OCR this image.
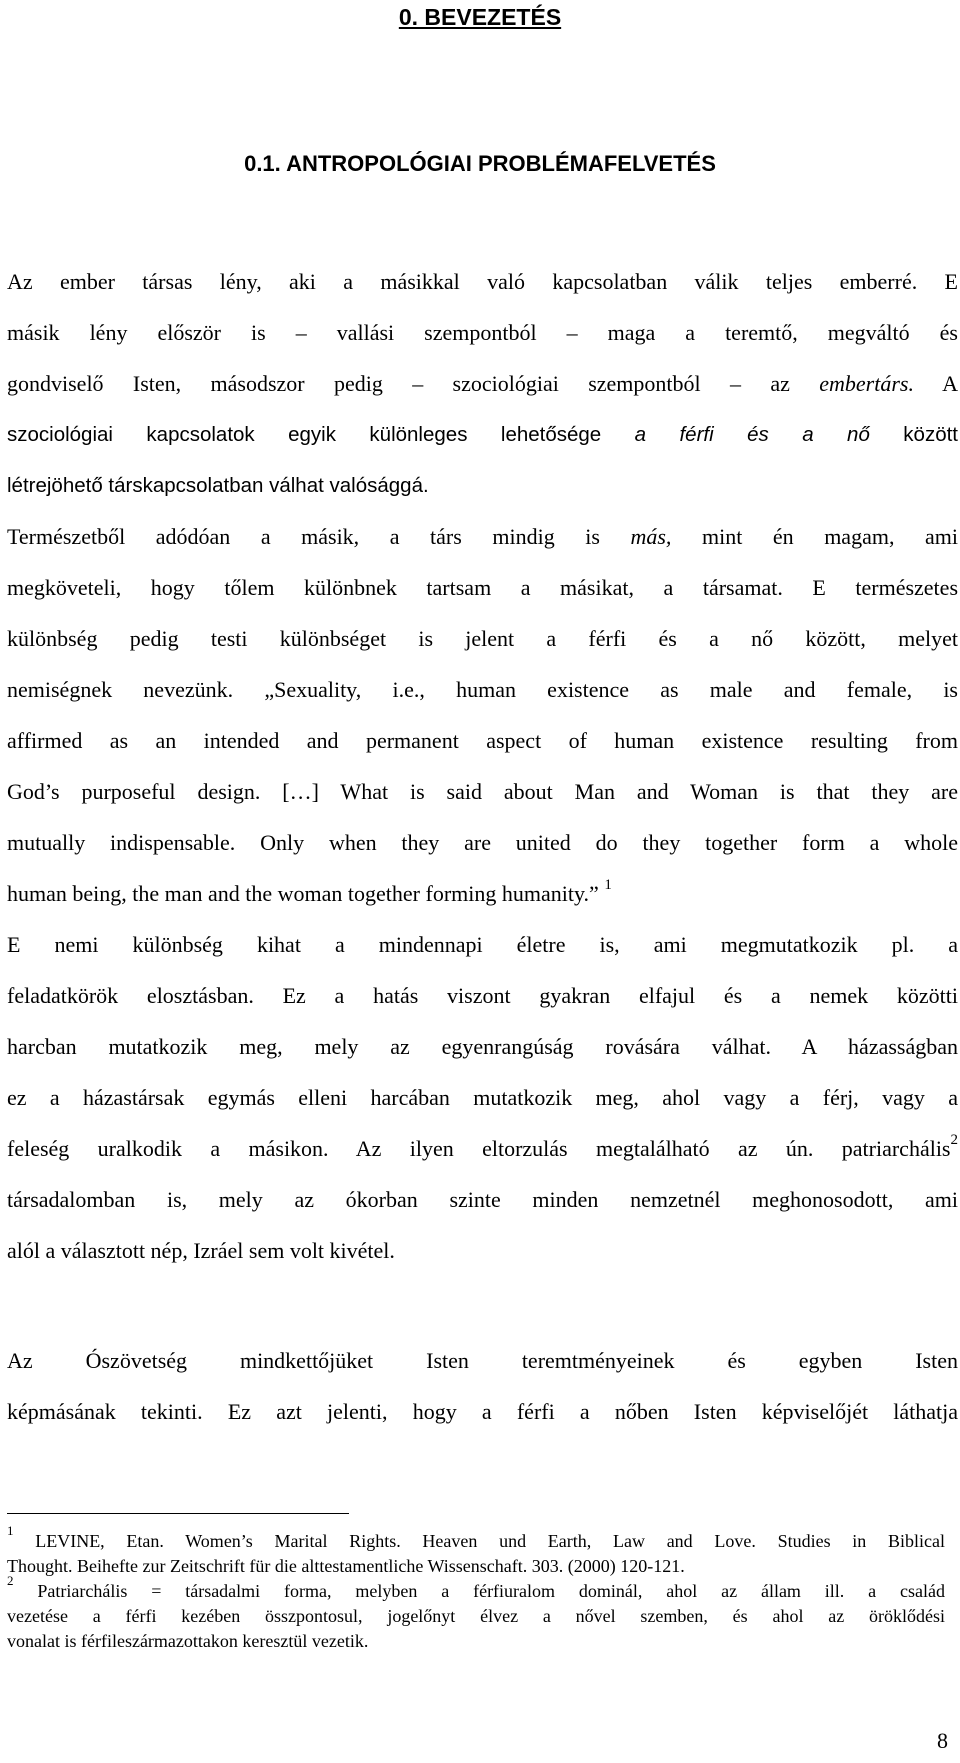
0. BEVEZETÉS
0.1. ANTROPOLÓGIAI PROBLÉMAFELVETÉS
Az ember társas lény, aki a másikkal való kapcsolatban válik teljes emberré. E
másik lény először is – vallási szempontból – maga a teremtő, megváltó és
gondviselő Isten, másodszor pedig – szociológiai szempontból – az embertárs. A
szociológiai kapcsolatok egyik különleges lehetősége a férfi és a nő között
létrejöhető társkapcsolatban válhat valósággá.
Természetből adódóan a másik, a társ mindig is más, mint én magam, ami
megköveteli, hogy tőlem különbnek tartsam a másikat, a társamat. E természetes
különbség pedig testi különbséget is jelent a férfi és a nő között, melyet
nemiségnek nevezünk. „Sexuality, i.e., human existence as male and female, is
affirmed as an intended and permanent aspect of human existence resulting from
God’s purposeful design. […] What is said about Man and Woman is that they are
mutually indispensable. Only when they are united do they together form a whole
human being, the man and the woman together forming humanity.” $^1$
E nemi különbség kihat a mindennapi életre is, ami megmutatkozik pl. a
feladatkörök elosztásban. Ez a hatás viszont gyakran elfajul és a nemek közötti
harcban mutatkozik meg, mely az egyenrangúság rovására válhat. A házasságban
ez a házastársak egymás elleni harcában mutatkozik meg, ahol vagy a férj, vagy a
feleség uralkodik a másikon. Az ilyen eltorzulás megtalálható az ún. patriarchális$^2$
társadalomban is, mely az ókorban szinte minden nemzetnél meghonosodott, ami
alól a választott nép, Izráel sem volt kivétel.
Az Ószövetség mindkettőjüket Isten teremtményeinek és egyben Isten
képmásának tekinti. Ez azt jelenti, hogy a férfi a nőben Isten képviselőjét láthatja
$^1$ LEVINE, Etan. Women’s Marital Rights. Heaven und Earth, Law and Love. Studies in Biblical
Thought. Beihefte zur Zeitschrift für die alttestamentliche Wissenschaft. 303. (2000) 120-121.
$^2$ Patriarchális = társadalmi forma, melyben a férfiuralom dominál, ahol az állam ill. a család
vezetése a férfi kezében összpontosul, jogelőnyt élvez a nővel szemben, és ahol az öröklődési
vonalat is férfileszármazottakon keresztül vezetik.
8
